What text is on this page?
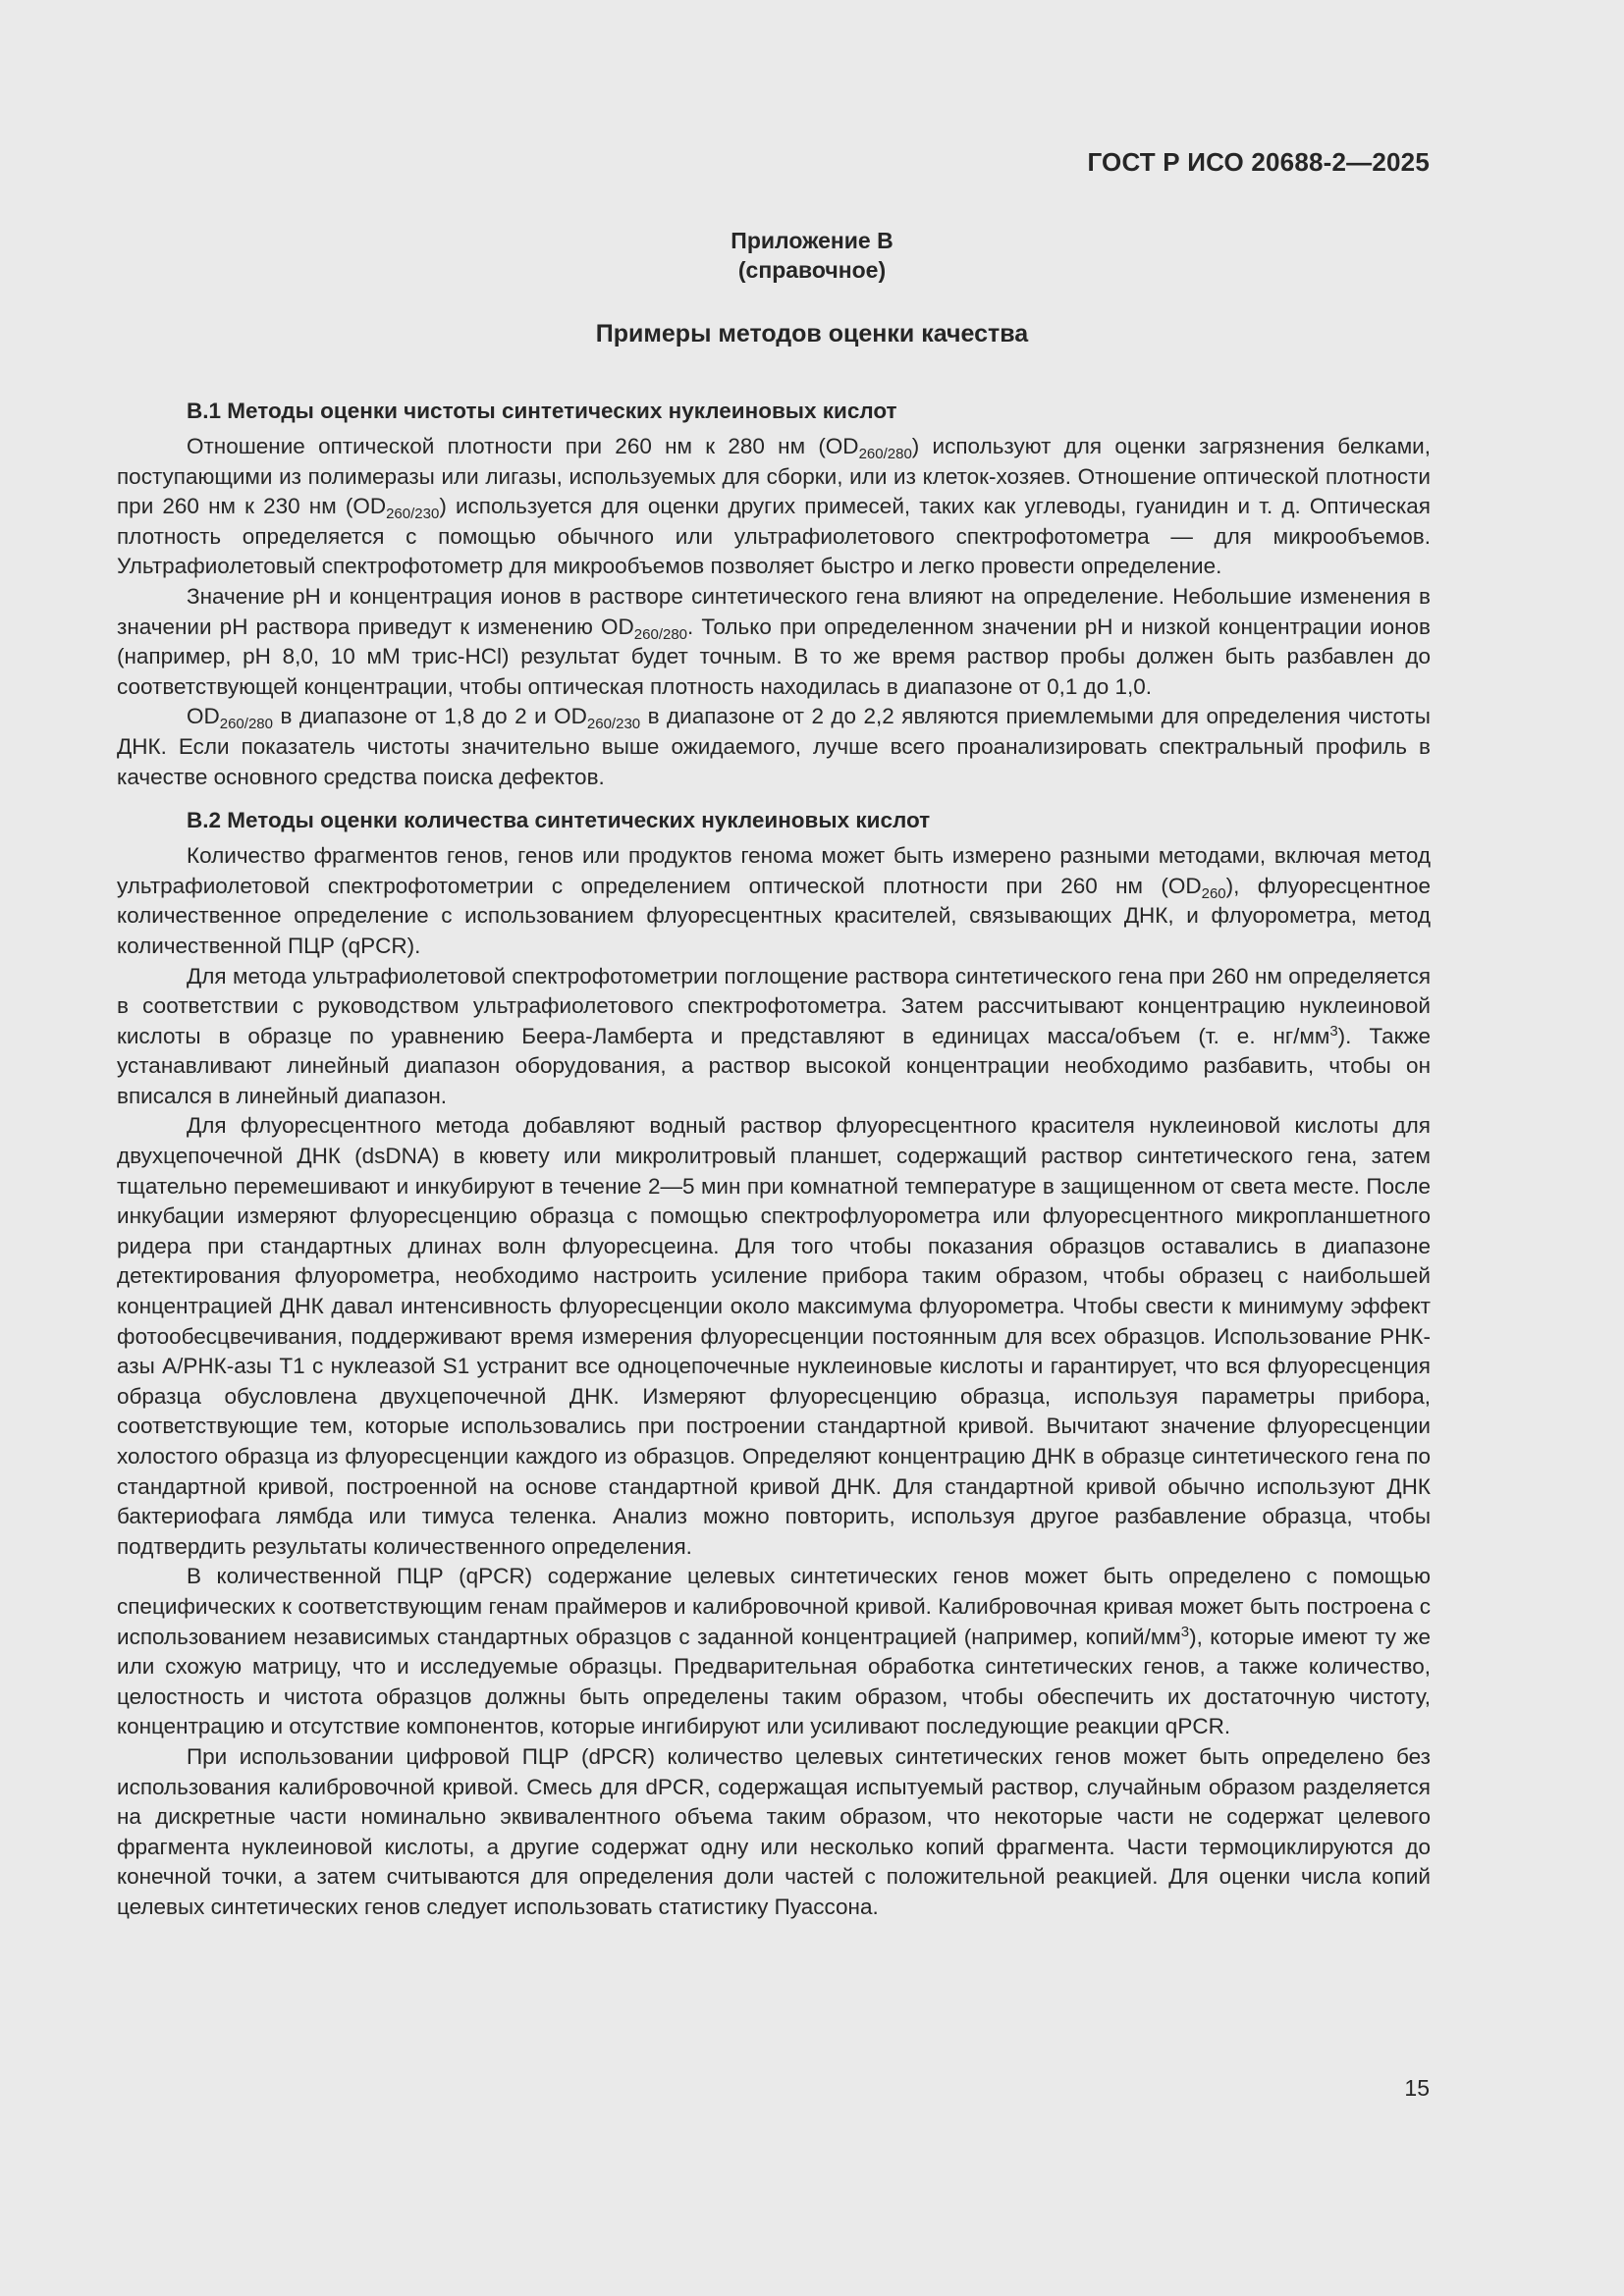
ГОСТ Р ИСО 20688-2—2025
Приложение В
(справочное)
Примеры методов оценки качества
В.1 Методы оценки чистоты синтетических нуклеиновых кислот

Отношение оптической плотности при 260 нм к 280 нм $(OD_{260/280})$ используют для оценки загрязнения белками, поступающими из полимеразы или лигазы, используемых для сборки, или из клеток-хозяев. Отношение оптической плотности при 260 нм к 230 нм $(OD_{260/230})$ используется для оценки других примесей, таких как углеводы, гуанидин и т. д. Оптическая плотность определяется с помощью обычного или ультрафиолетового спектрофотометра — для микрообъемов. Ультрафиолетовый спектрофотометр для микрообъемов позволяет быстро и легко провести определение.

Значение pH и концентрация ионов в растворе синтетического гена влияют на определение. Небольшие изменения в значении pH раствора приведут к изменению $OD_{260/280}$. Только при определенном значении pH и низкой концентрации ионов (например, pH 8,0, 10 мМ трис-HCl) результат будет точным. В то же время раствор пробы должен быть разбавлен до соответствующей концентрации, чтобы оптическая плотность находилась в диапазоне от 0,1 до 1,0.

$OD_{260/280}$ в диапазоне от 1,8 до 2 и $OD_{260/230}$ в диапазоне от 2 до 2,2 являются приемлемыми для определения чистоты ДНК. Если показатель чистоты значительно выше ожидаемого, лучше всего проанализировать спектральный профиль в качестве основного средства поиска дефектов.

В.2 Методы оценки количества синтетических нуклеиновых кислот

Количество фрагментов генов, генов или продуктов генома может быть измерено разными методами, включая метод ультрафиолетовой спектрофотометрии с определением оптической плотности при 260 нм $(OD_{260})$, флуоресцентное количественное определение с использованием флуоресцентных красителей, связывающих ДНК, и флуорометра, метод количественной ПЦР (qPCR).

Для метода ультрафиолетовой спектрофотометрии поглощение раствора синтетического гена при 260 нм определяется в соответствии с руководством ультрафиолетового спектрофотометра. Затем рассчитывают концентрацию нуклеиновой кислоты в образце по уравнению Беера-Ламберта и представляют в единицах масса/объем (т. е. $нг/мм^3$). Также устанавливают линейный диапазон оборудования, а раствор высокой концентрации необходимо разбавить, чтобы он вписался в линейный диапазон.

Для флуоресцентного метода добавляют водный раствор флуоресцентного красителя нуклеиновой кислоты для двухцепочечной ДНК (dsDNA) в кювету или микролитровый планшет, содержащий раствор синтетического гена, затем тщательно перемешивают и инкубируют в течение 2—5 мин при комнатной температуре в защищенном от света месте. После инкубации измеряют флуоресценцию образца с помощью спектрофлуорометра или флуоресцентного микропланшетного ридера при стандартных длинах волн флуоресцеина. Для того чтобы показания образцов оставались в диапазоне детектирования флуорометра, необходимо настроить усиление прибора таким образом, чтобы образец с наибольшей концентрацией ДНК давал интенсивность флуоресценции около максимума флуорометра. Чтобы свести к минимуму эффект фотообесцвечивания, поддерживают время измерения флуоресценции постоянным для всех образцов. Использование РНК-азы A/РНК-азы T1 с нуклеазой S1 устранит все одноцепочечные нуклеиновые кислоты и гарантирует, что вся флуоресценция образца обусловлена двухцепочечной ДНК. Измеряют флуоресценцию образца, используя параметры прибора, соответствующие тем, которые использовались при построении стандартной кривой. Вычитают значение флуоресценции холостого образца из флуоресценции каждого из образцов. Определяют концентрацию ДНК в образце синтетического гена по стандартной кривой, построенной на основе стандартной кривой ДНК. Для стандартной кривой обычно используют ДНК бактериофага лямбда или тимуса теленка. Анализ можно повторить, используя другое разбавление образца, чтобы подтвердить результаты количественного определения.

В количественной ПЦР (qPCR) содержание целевых синтетических генов может быть определено с помощью специфических к соответствующим генам праймеров и калибровочной кривой. Калибровочная кривая может быть построена с использованием независимых стандартных образцов с заданной концентрацией (например, копий/$мм^3$), которые имеют ту же или схожую матрицу, что и исследуемые образцы. Предварительная обработка синтетических генов, а также количество, целостность и чистота образцов должны быть определены таким образом, чтобы обеспечить их достаточную чистоту, концентрацию и отсутствие компонентов, которые ингибируют или усиливают последующие реакции qPCR.

При использовании цифровой ПЦР (dPCR) количество целевых синтетических генов может быть определено без использования калибровочной кривой. Смесь для dPCR, содержащая испытуемый раствор, случайным образом разделяется на дискретные части номинально эквивалентного объема таким образом, что некоторые части не содержат целевого фрагмента нуклеиновой кислоты, а другие содержат одну или несколько копий фрагмента. Части термоциклируются до конечной точки, а затем считываются для определения доли частей с положительной реакцией. Для оценки числа копий целевых синтетических генов следует использовать статистику Пуассона.

15
